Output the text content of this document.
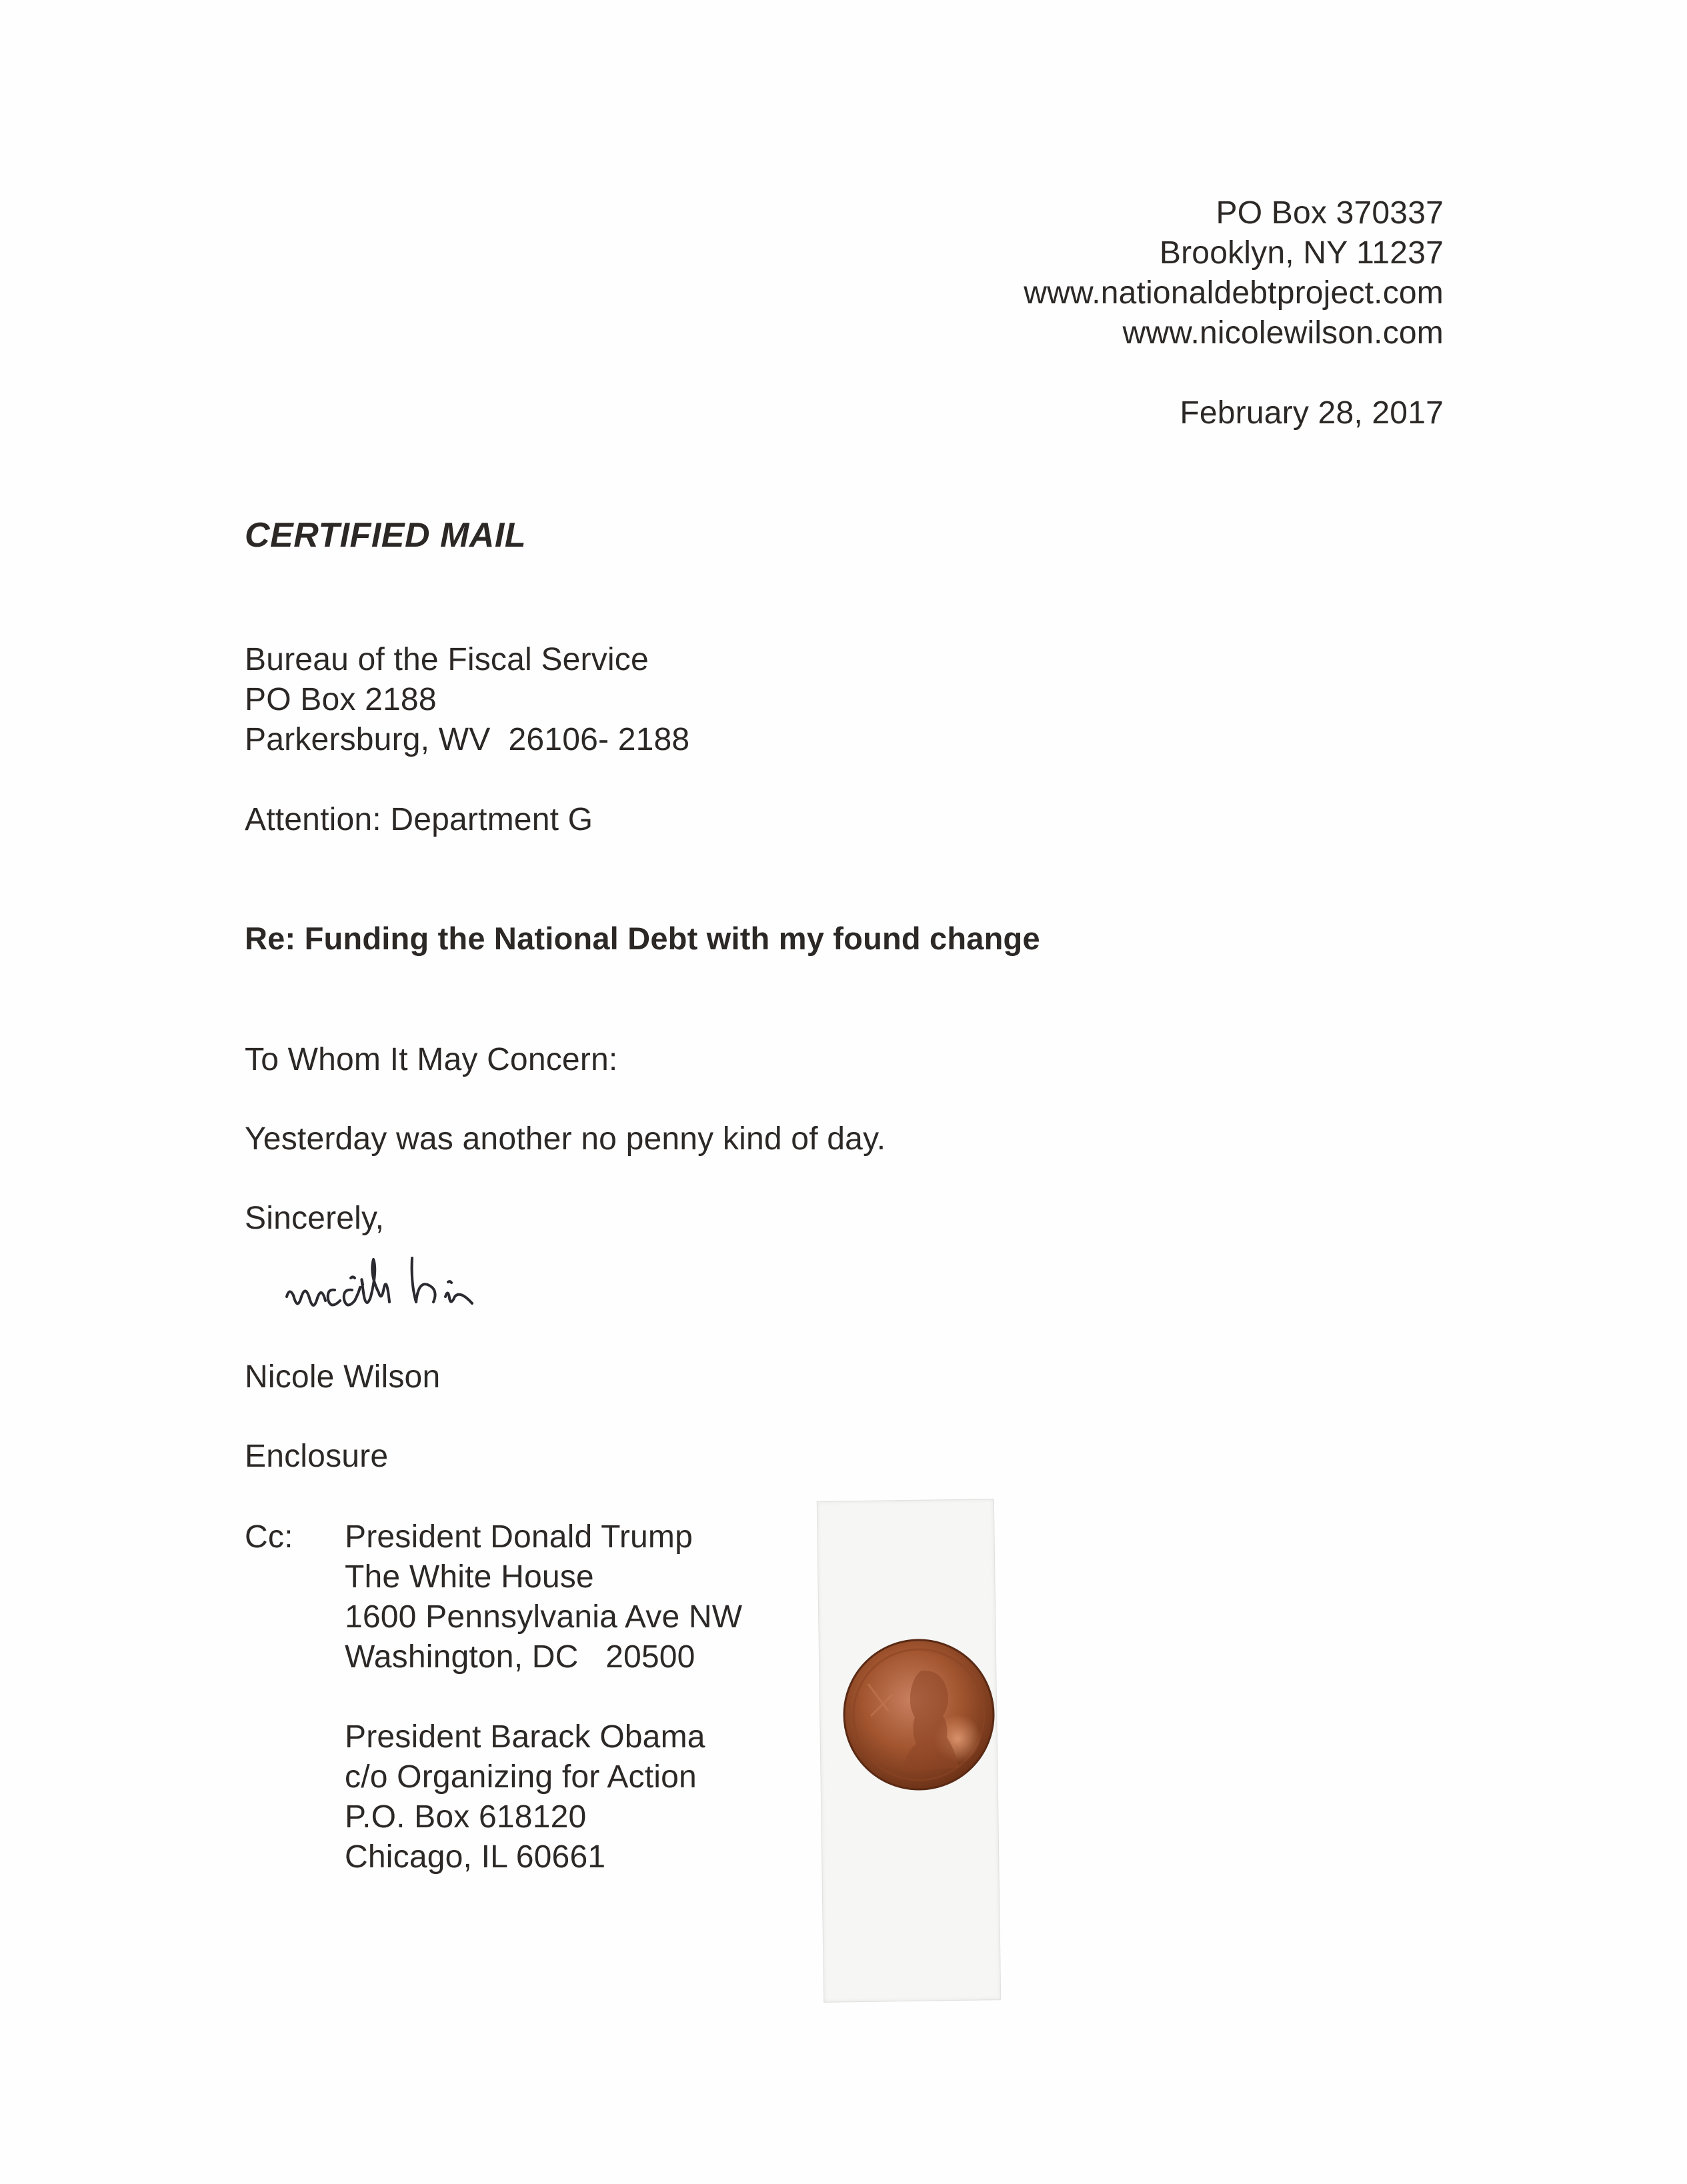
PO Box 370337
Brooklyn, NY 11237
www.nationaldebtproject.com
www.nicolewilson.com
February 28, 2017
CERTIFIED MAIL
Bureau of the Fiscal Service
PO Box 2188
Parkersburg, WV  26106- 2188
Attention: Department G
Re: Funding the National Debt with my found change
To Whom It May Concern:
Yesterday was another no penny kind of day.
Sincerely,
Nicole Wilson
Enclosure
Cc: President Donald Trump
The White House
1600 Pennsylvania Ave NW
Washington, DC   20500
President Barack Obama
c/o Organizing for Action
P.O. Box 618120
Chicago, IL 60661
